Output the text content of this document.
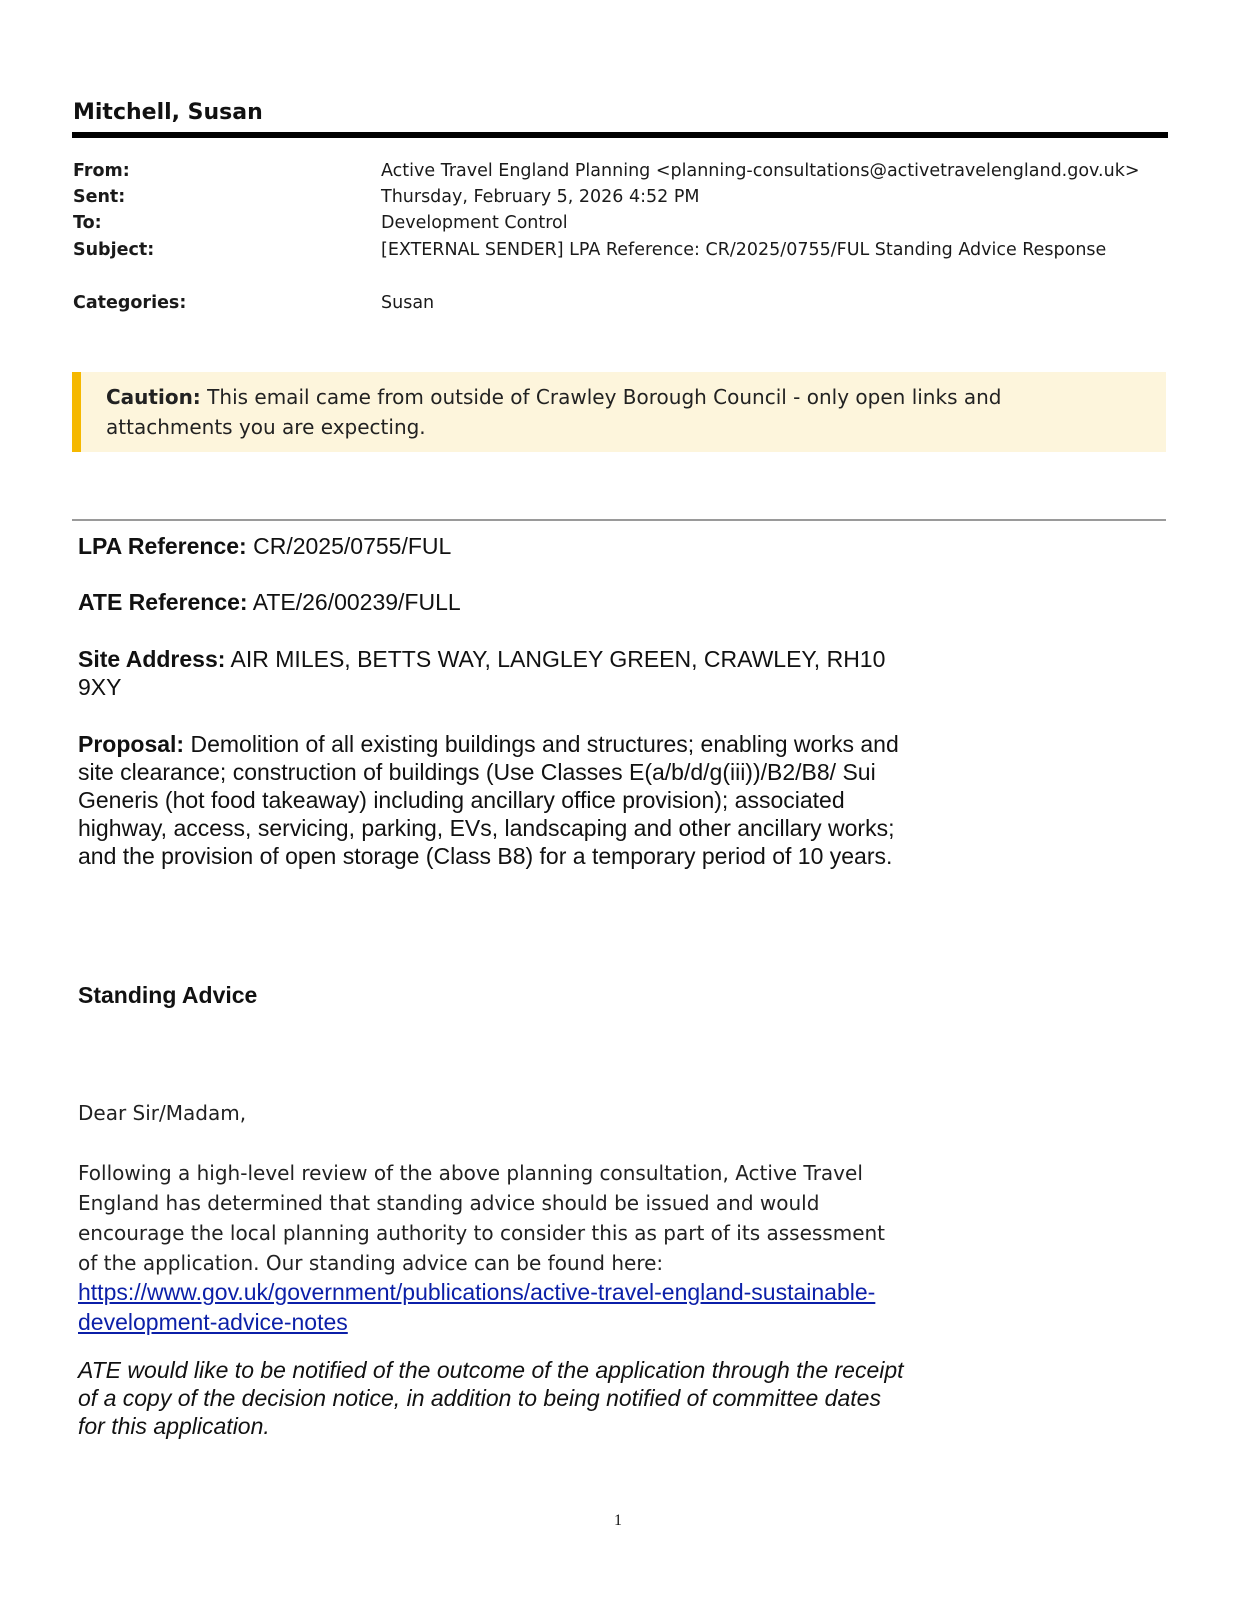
Mitchell, Susan
From:	Active Travel England Planning <planning-consultations@activetravelengland.gov.uk>
Sent:	Thursday, February 5, 2026 4:52 PM
To:	Development Control
Subject:	[EXTERNAL SENDER] LPA Reference: CR/2025/0755/FUL Standing Advice Response
Categories:	Susan
Caution: This email came from outside of Crawley Borough Council - only open links and attachments you are expecting.
LPA Reference: CR/2025/0755/FUL
ATE Reference: ATE/26/00239/FULL
Site Address: AIR MILES, BETTS WAY, LANGLEY GREEN, CRAWLEY, RH10 9XY
Proposal: Demolition of all existing buildings and structures; enabling works and site clearance; construction of buildings (Use Classes E(a/b/d/g(iii))/B2/B8/ Sui Generis (hot food takeaway) including ancillary office provision); associated highway, access, servicing, parking, EVs, landscaping and other ancillary works; and the provision of open storage (Class B8) for a temporary period of 10 years.
Standing Advice
Dear Sir/Madam,
Following a high-level review of the above planning consultation, Active Travel England has determined that standing advice should be issued and would encourage the local planning authority to consider this as part of its assessment of the application. Our standing advice can be found here:
https://www.gov.uk/government/publications/active-travel-england-sustainable-development-advice-notes
ATE would like to be notified of the outcome of the application through the receipt of a copy of the decision notice, in addition to being notified of committee dates for this application.
1
